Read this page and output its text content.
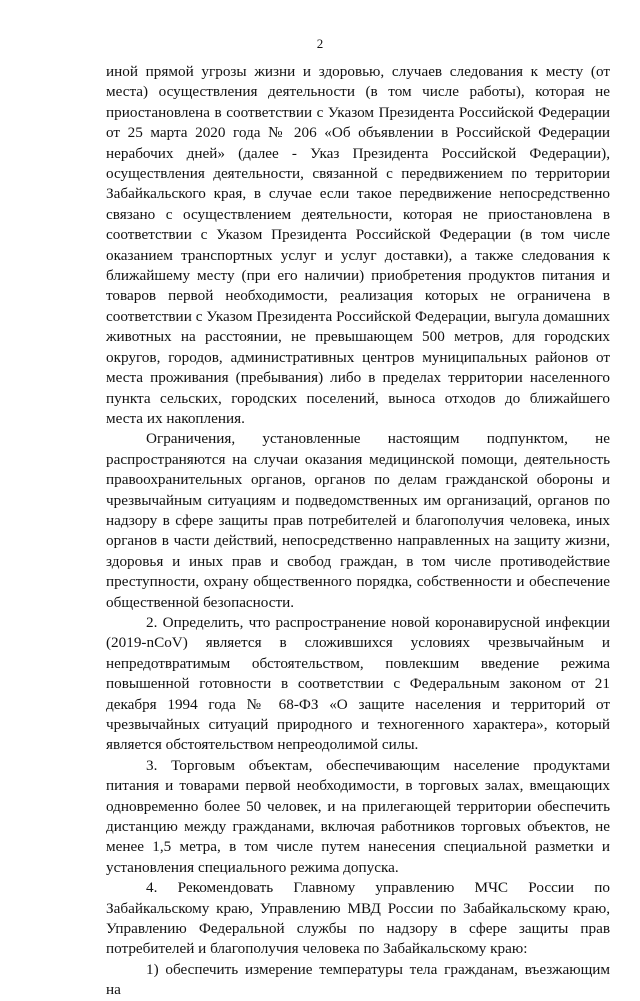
2

иной прямой угрозы жизни и здоровью, случаев следования к месту (от места) осуществления деятельности (в том числе работы), которая не приостановлена в соответствии с Указом Президента Российской Федерации от 25 марта 2020 года № 206 «Об объявлении в Российской Федерации нерабочих дней» (далее - Указ Президента Российской Федерации), осуществления деятельности, связанной с передвижением по территории Забайкальского края, в случае если такое передвижение непосредственно связано с осуществлением деятельности, которая не приостановлена в соответствии с Указом Президента Российской Федерации (в том числе оказанием транспортных услуг и услуг доставки), а также следования к ближайшему месту (при его наличии) приобретения продуктов питания и товаров первой необходимости, реализация которых не ограничена в соответствии с Указом Президента Российской Федерации, выгула домашних животных на расстоянии, не превышающем 500 метров, для городских округов, городов, административных центров муниципальных районов от места проживания (пребывания) либо в пределах территории населенного пункта сельских, городских поселений, выноса отходов до ближайшего места их накопления.

Ограничения, установленные настоящим подпунктом, не распространяются на случаи оказания медицинской помощи, деятельность правоохранительных органов, органов по делам гражданской обороны и чрезвычайным ситуациям и подведомственных им организаций, органов по надзору в сфере защиты прав потребителей и благополучия человека, иных органов в части действий, непосредственно направленных на защиту жизни, здоровья и иных прав и свобод граждан, в том числе противодействие преступности, охрану общественного порядка, собственности и обеспечение общественной безопасности.

2. Определить, что распространение новой коронавирусной инфекции (2019-nCoV) является в сложившихся условиях чрезвычайным и непредотвратимым обстоятельством, повлекшим введение режима повышенной готовности в соответствии с Федеральным законом от 21 декабря 1994 года № 68-ФЗ «О защите населения и территорий от чрезвычайных ситуаций природного и техногенного характера», который является обстоятельством непреодолимой силы.

3. Торговым объектам, обеспечивающим население продуктами питания и товарами первой необходимости, в торговых залах, вмещающих одновременно более 50 человек, и на прилегающей территории обеспечить дистанцию между гражданами, включая работников торговых объектов, не менее 1,5 метра, в том числе путем нанесения специальной разметки и установления специального режима допуска.

4. Рекомендовать Главному управлению МЧС России по Забайкальскому краю, Управлению МВД России по Забайкальскому краю, Управлению Федеральной службы по надзору в сфере защиты прав потребителей и благополучия человека по Забайкальскому краю:

1) обеспечить измерение температуры тела гражданам, въезжающим на
